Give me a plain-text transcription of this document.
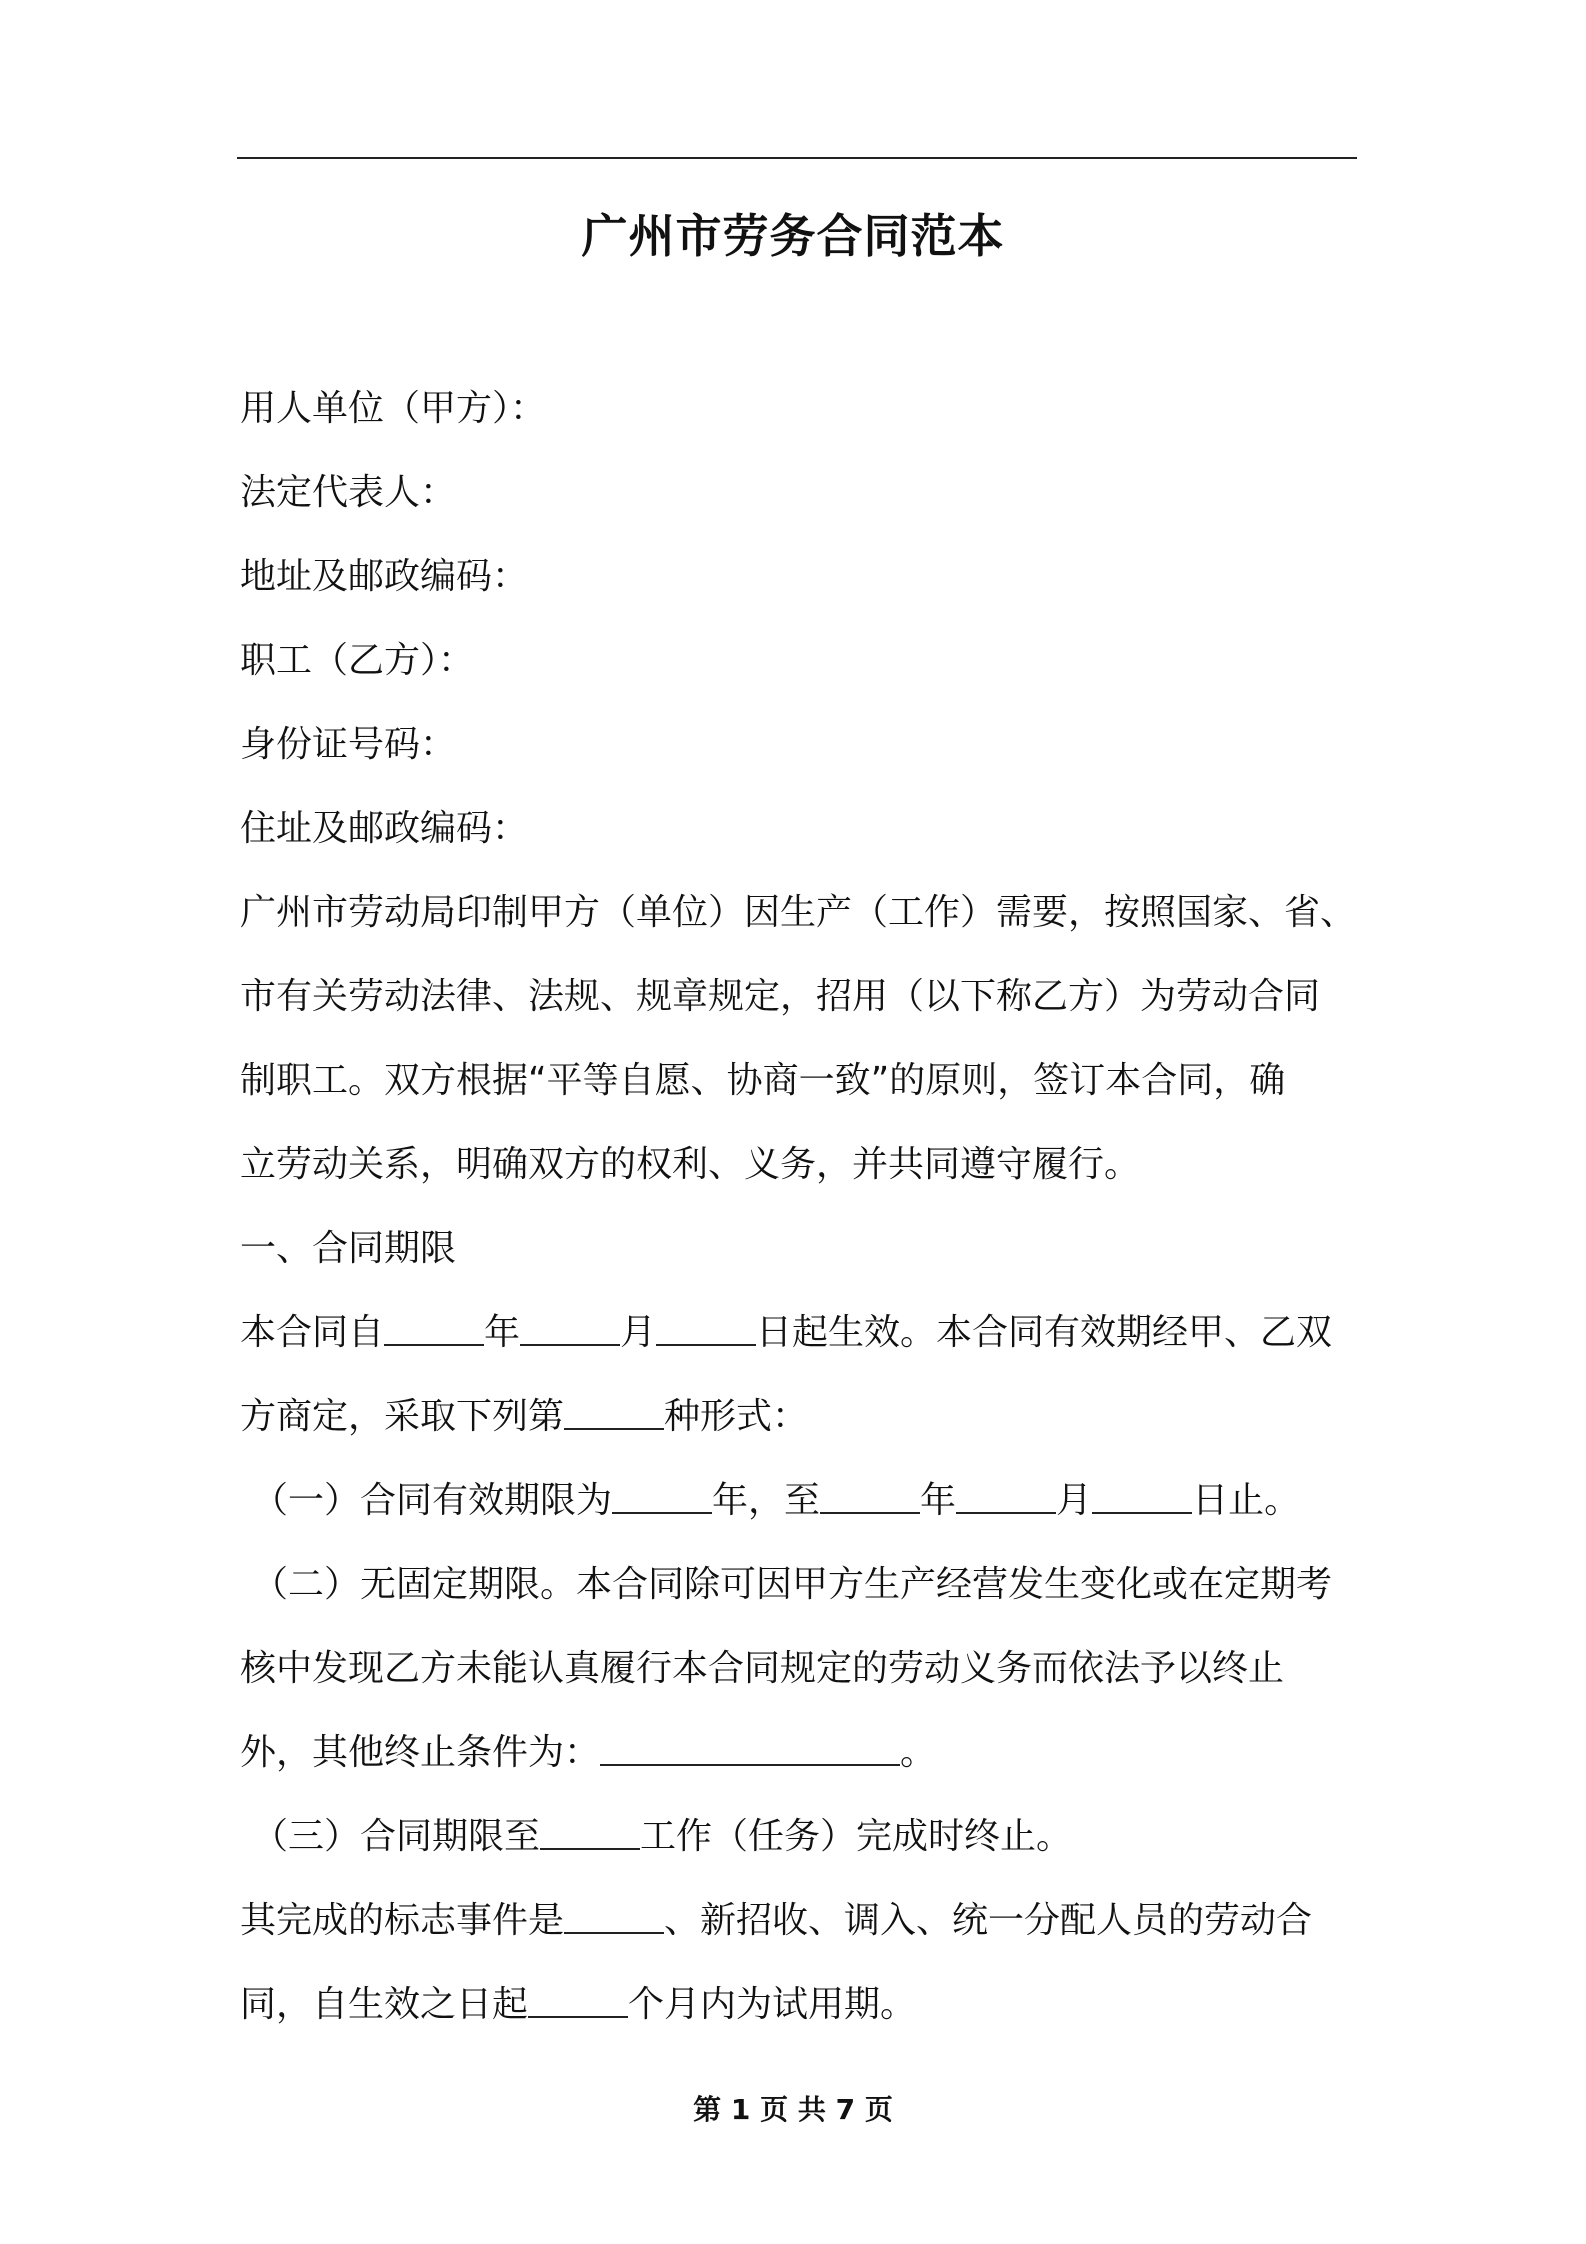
广州市劳务合同范本
用人单位（甲方）：
法定代表人：
地址及邮政编码：
职工（乙方）：
身份证号码：
住址及邮政编码：
广州市劳动局印制甲方（单位）因生产（工作）需要，按照国家、省、
市有关劳动法律、法规、规章规定，招用（以下称乙方）为劳动合同
制职工。双方根据“平等自愿、协商一致”的原则，签订本合同，确
立劳动关系，明确双方的权利、义务，并共同遵守履行。
一、合同期限
本合同自	年	月	日起生效。本合同有效期经甲、乙双
方商定，采取下列第	种形式：
（一）合同有效期限为	年，至	年	月	日止。
（二）无固定期限。本合同除可因甲方生产经营发生变化或在定期考
核中发现乙方未能认真履行本合同规定的劳动义务而依法予以终止
外，其他终止条件为：	。
（三）合同期限至	工作（任务）完成时终止。
其完成的标志事件是	、新招收、调入、统一分配人员的劳动合
同，自生效之日起	个月内为试用期。
第 1 页 共 7 页
